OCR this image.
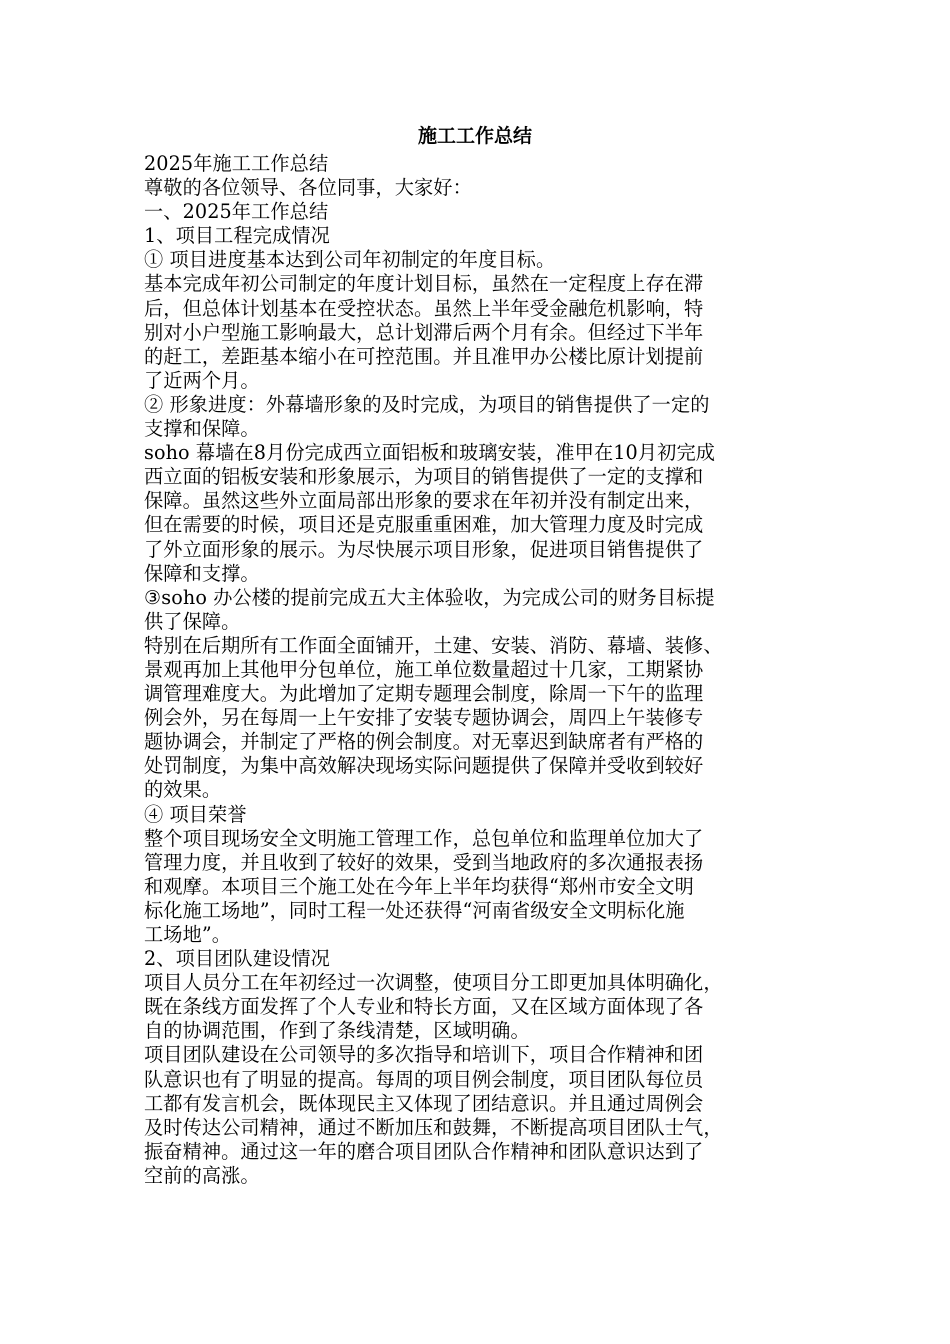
施工工作总结
2025年施工工作总结
尊敬的各位领导、各位同事，大家好：
一、2025年工作总结
1、项目工程完成情况
① 项目进度基本达到公司年初制定的年度目标。
基本完成年初公司制定的年度计划目标，虽然在一定程度上存在滞
后，但总体计划基本在受控状态。虽然上半年受金融危机影响，特
别对小户型施工影响最大，总计划滞后两个月有余。但经过下半年
的赶工，差距基本缩小在可控范围。并且准甲办公楼比原计划提前
了近两个月。
② 形象进度：外幕墙形象的及时完成，为项目的销售提供了一定的
支撑和保障。
soho 幕墙在8月份完成西立面铝板和玻璃安装，准甲在10月初完成
西立面的铝板安装和形象展示，为项目的销售提供了一定的支撑和
保障。虽然这些外立面局部出形象的要求在年初并没有制定出来，
但在需要的时候，项目还是克服重重困难，加大管理力度及时完成
了外立面形象的展示。为尽快展示项目形象，促进项目销售提供了
保障和支撑。
③soho 办公楼的提前完成五大主体验收，为完成公司的财务目标提
供了保障。
特别在后期所有工作面全面铺开，土建、安装、消防、幕墙、装修、
景观再加上其他甲分包单位，施工单位数量超过十几家，工期紧协
调管理难度大。为此增加了定期专题理会制度，除周一下午的监理
例会外，另在每周一上午安排了安装专题协调会，周四上午装修专
题协调会，并制定了严格的例会制度。对无辜迟到缺席者有严格的
处罚制度，为集中高效解决现场实际问题提供了保障并受收到较好
的效果。
④ 项目荣誉
整个项目现场安全文明施工管理工作，总包单位和监理单位加大了
管理力度，并且收到了较好的效果，受到当地政府的多次通报表扬
和观摩。本项目三个施工处在今年上半年均获得“郑州市安全文明
标化施工场地”，同时工程一处还获得“河南省级安全文明标化施
工场地”。
2、项目团队建设情况
项目人员分工在年初经过一次调整，使项目分工即更加具体明确化，
既在条线方面发挥了个人专业和特长方面，又在区域方面体现了各
自的协调范围，作到了条线清楚，区域明确。
项目团队建设在公司领导的多次指导和培训下，项目合作精神和团
队意识也有了明显的提高。每周的项目例会制度，项目团队每位员
工都有发言机会，既体现民主又体现了团结意识。并且通过周例会
及时传达公司精神，通过不断加压和鼓舞，不断提高项目团队士气，
振奋精神。通过这一年的磨合项目团队合作精神和团队意识达到了
空前的高涨。
